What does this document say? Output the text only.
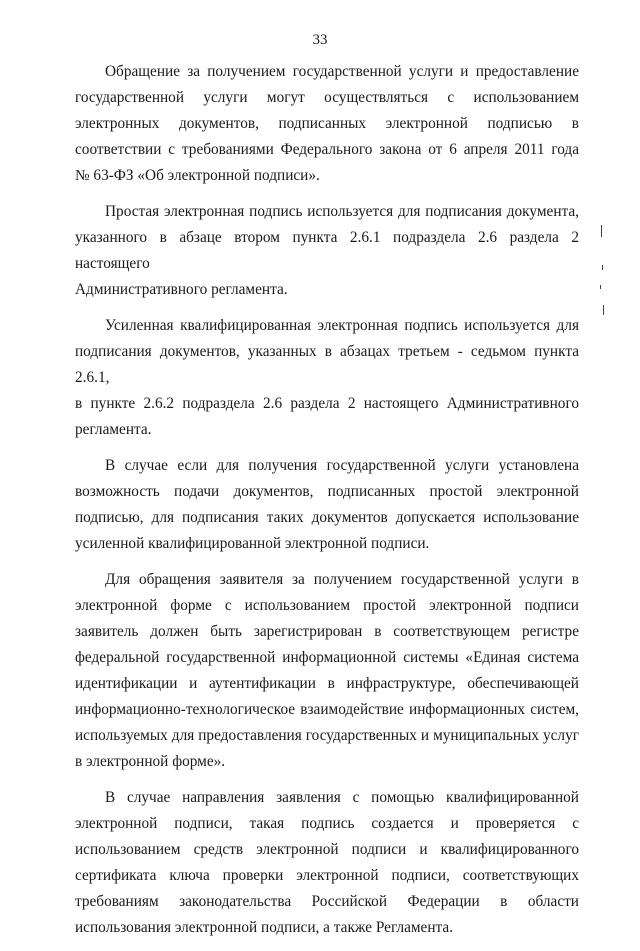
33
Обращение за получением государственной услуги и предоставление
государственной услуги могут осуществляться с использованием
электронных документов, подписанных электронной подписью в
соответствии с требованиями Федерального закона от 6 апреля 2011 года
№ 63-ФЗ «Об электронной подписи».
Простая электронная подпись используется для подписания документа,
указанного в абзаце втором пункта 2.6.1 подраздела 2.6 раздела 2 настоящего
Административного регламента.
Усиленная квалифицированная электронная подпись используется для
подписания документов, указанных в абзацах третьем - седьмом пункта 2.6.1,
в пункте 2.6.2 подраздела 2.6 раздела 2 настоящего Административного
регламента.
В случае если для получения государственной услуги установлена
возможность подачи документов, подписанных простой электронной
подписью, для подписания таких документов допускается использование
усиленной квалифицированной электронной подписи.
Для обращения заявителя за получением государственной услуги в
электронной форме с использованием простой электронной подписи
заявитель должен быть зарегистрирован в соответствующем регистре
федеральной государственной информационной системы «Единая система
идентификации и аутентификации в инфраструктуре, обеспечивающей
информационно-технологическое взаимодействие информационных систем,
используемых для предоставления государственных и муниципальных услуг
в электронной форме».
В случае направления заявления с помощью квалифицированной
электронной подписи, такая подпись создается и проверяется с
использованием средств электронной подписи и квалифицированного
сертификата ключа проверки электронной подписи, соответствующих
требованиям законодательства Российской Федерации в области
использования электронной подписи, а также Регламента.
